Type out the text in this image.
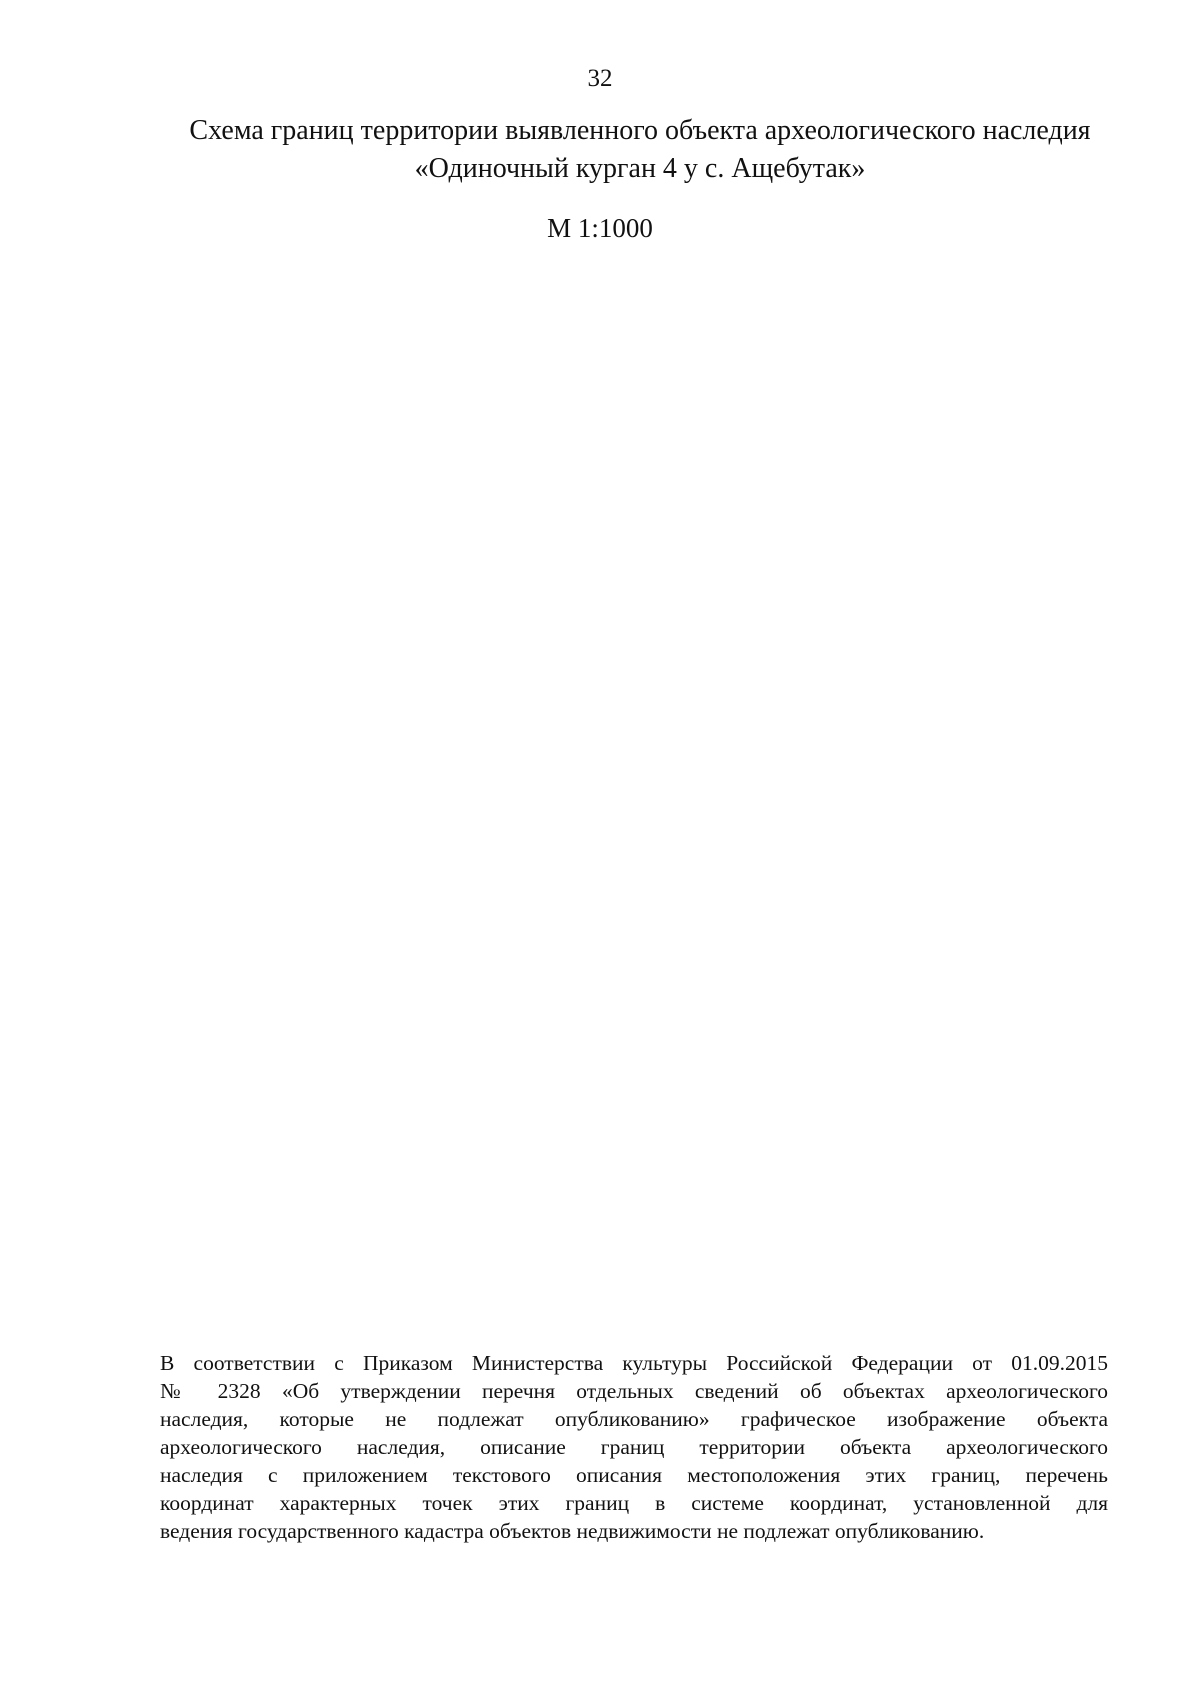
32
Схема границ территории выявленного объекта археологического наследия
«Одиночный курган 4 у с. Ащебутак»
М 1:1000
В соответствии с Приказом Министерства культуры Российской Федерации от 01.09.2015
№ 2328 «Об утверждении перечня отдельных сведений об объектах археологического
наследия, которые не подлежат опубликованию» графическое изображение объекта
археологического наследия, описание границ территории объекта археологического
наследия с приложением текстового описания местоположения этих границ, перечень
координат характерных точек этих границ в системе координат, установленной для
ведения государственного кадастра объектов недвижимости не подлежат опубликованию.
